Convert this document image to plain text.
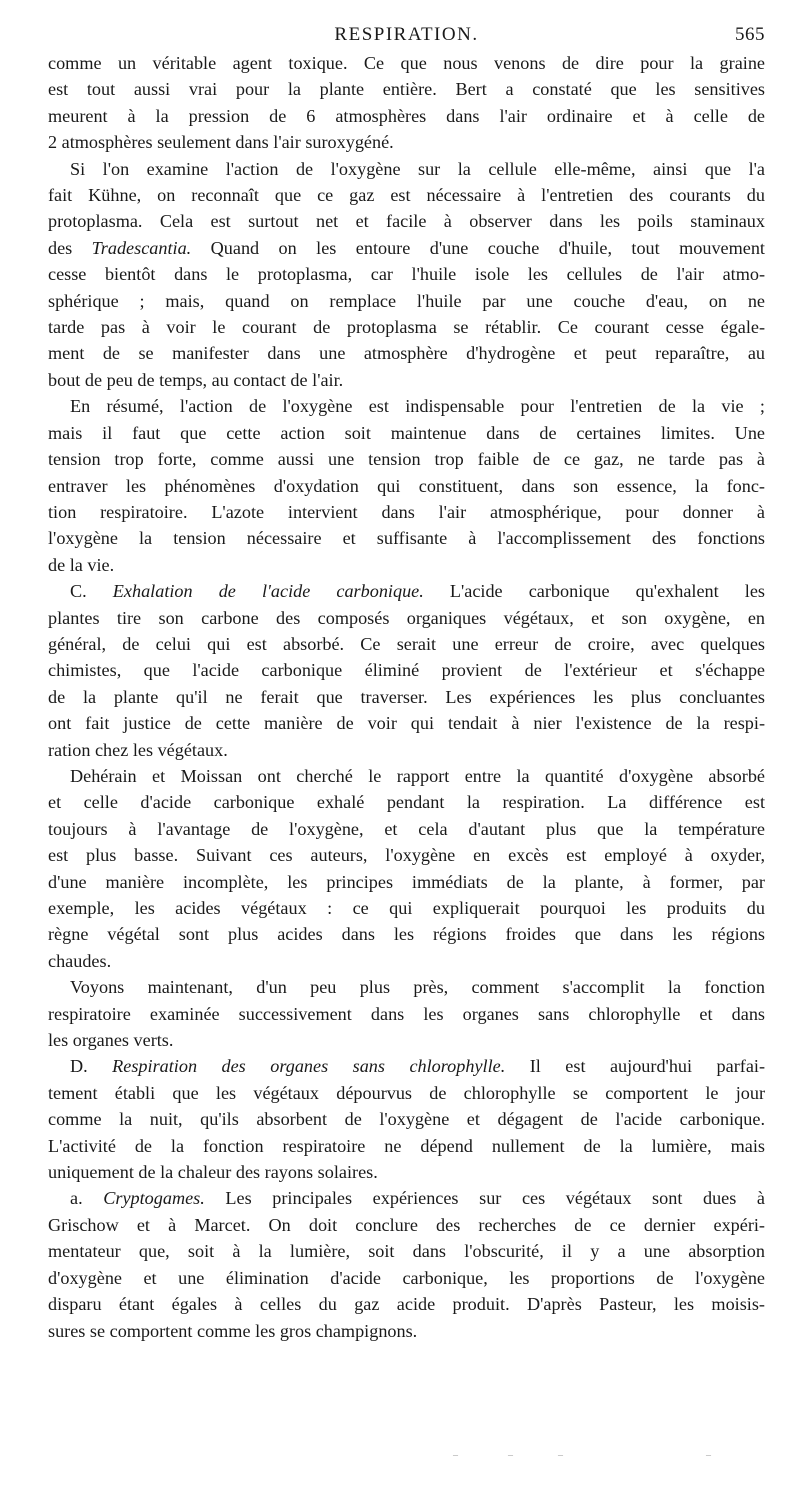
RESPIRATION.	565
comme un véritable agent toxique. Ce que nous venons de dire pour la graine
est tout aussi vrai pour la plante entière. Bert a constaté que les sensitives
meurent à la pression de 6 atmosphères dans l'air ordinaire et à celle de
2 atmosphères seulement dans l'air suroxygéné.
Si l'on examine l'action de l'oxygène sur la cellule elle-même, ainsi que l'a
fait Kühne, on reconnaît que ce gaz est nécessaire à l'entretien des courants du
protoplasma. Cela est surtout net et facile à observer dans les poils staminaux
des Tradescantia. Quand on les entoure d'une couche d'huile, tout mouvement
cesse bientôt dans le protoplasma, car l'huile isole les cellules de l'air atmo-
sphérique ; mais, quand on remplace l'huile par une couche d'eau, on ne
tarde pas à voir le courant de protoplasma se rétablir. Ce courant cesse égale-
ment de se manifester dans une atmosphère d'hydrogène et peut reparaître, au
bout de peu de temps, au contact de l'air.
En résumé, l'action de l'oxygène est indispensable pour l'entretien de la vie ;
mais il faut que cette action soit maintenue dans de certaines limites. Une
tension trop forte, comme aussi une tension trop faible de ce gaz, ne tarde pas à
entraver les phénomènes d'oxydation qui constituent, dans son essence, la fonc-
tion respiratoire. L'azote intervient dans l'air atmosphérique, pour donner à
l'oxygène la tension nécessaire et suffisante à l'accomplissement des fonctions
de la vie.
C. Exhalation de l'acide carbonique. L'acide carbonique qu'exhalent les
plantes tire son carbone des composés organiques végétaux, et son oxygène, en
général, de celui qui est absorbé. Ce serait une erreur de croire, avec quelques
chimistes, que l'acide carbonique éliminé provient de l'extérieur et s'échappe
de la plante qu'il ne ferait que traverser. Les expériences les plus concluantes
ont fait justice de cette manière de voir qui tendait à nier l'existence de la respi-
ration chez les végétaux.
Dehérain et Moissan ont cherché le rapport entre la quantité d'oxygène absorbé
et celle d'acide carbonique exhalé pendant la respiration. La différence est
toujours à l'avantage de l'oxygène, et cela d'autant plus que la température
est plus basse. Suivant ces auteurs, l'oxygène en excès est employé à oxyder,
d'une manière incomplète, les principes immédiats de la plante, à former, par
exemple, les acides végétaux : ce qui expliquerait pourquoi les produits du
règne végétal sont plus acides dans les régions froides que dans les régions
chaudes.
Voyons maintenant, d'un peu plus près, comment s'accomplit la fonction
respiratoire examinée successivement dans les organes sans chlorophylle et dans
les organes verts.
D. Respiration des organes sans chlorophylle. Il est aujourd'hui parfai-
tement établi que les végétaux dépourvus de chlorophylle se comportent le jour
comme la nuit, qu'ils absorbent de l'oxygène et dégagent de l'acide carbonique.
L'activité de la fonction respiratoire ne dépend nullement de la lumière, mais
uniquement de la chaleur des rayons solaires.
a. Cryptogames. Les principales expériences sur ces végétaux sont dues à
Grischow et à Marcet. On doit conclure des recherches de ce dernier expéri-
mentateur que, soit à la lumière, soit dans l'obscurité, il y a une absorption
d'oxygène et une élimination d'acide carbonique, les proportions de l'oxygène
disparu étant égales à celles du gaz acide produit. D'après Pasteur, les moisis-
sures se comportent comme les gros champignons.
–	–	–	–
